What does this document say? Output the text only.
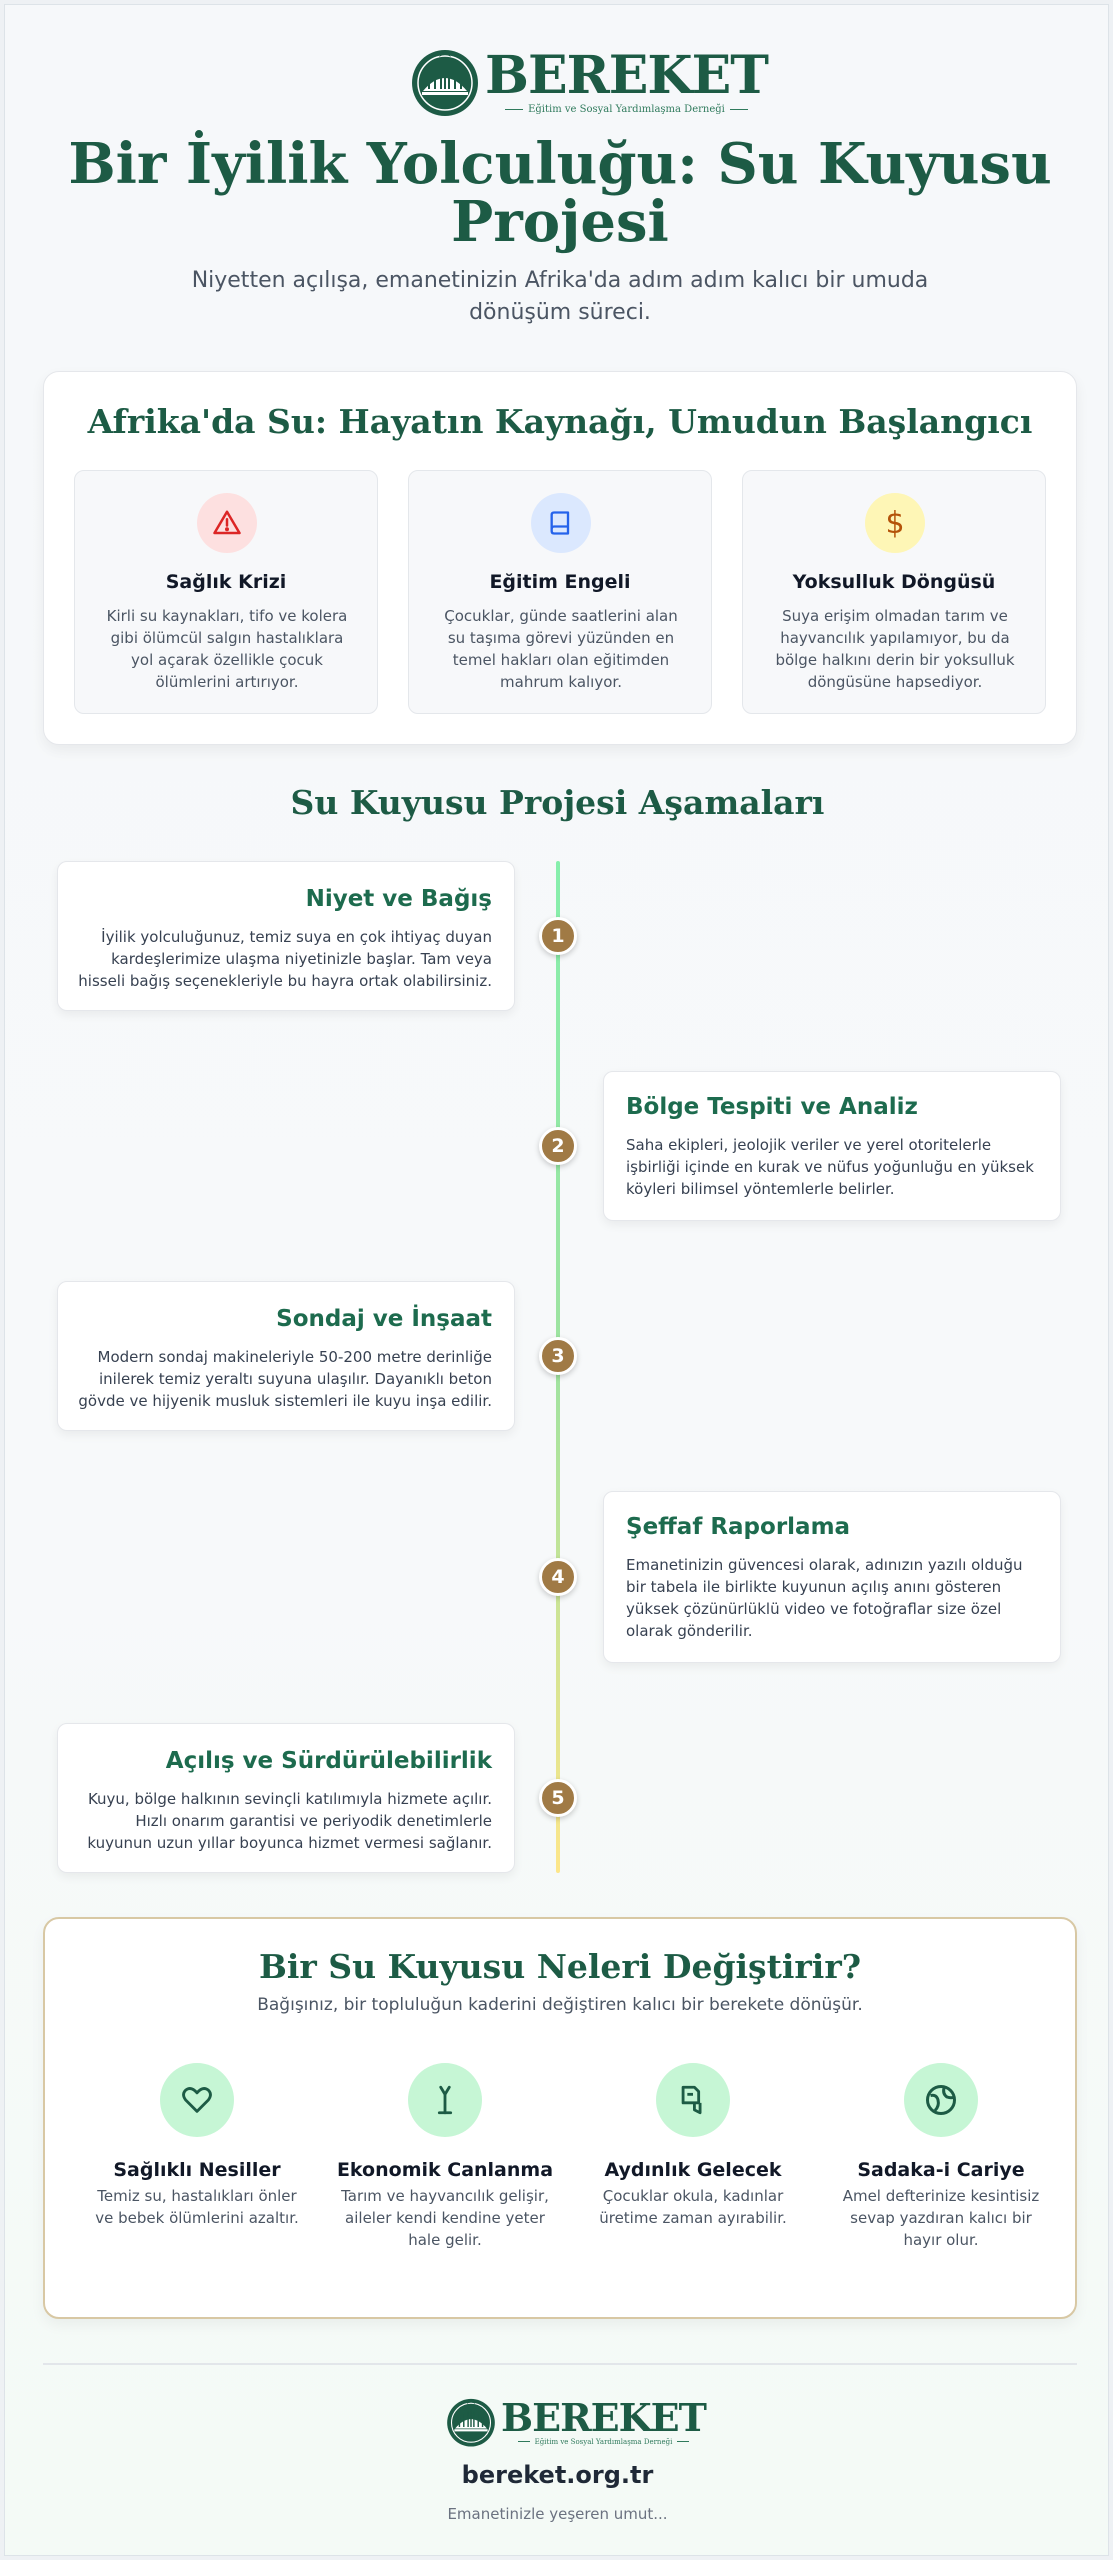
BEREKET
Eğitim ve Sosyal Yardımlaşma Derneği
Bir İyilik Yolculuğu: Su Kuyusu Projesi

Niyetten açılışa, emanetinizin Afrika'da adım adım kalıcı bir umuda dönüşüm süreci.

Afrika'da Su: Hayatın Kaynağı, Umudun Başlangıcı
Sağlık Krizi

Kirli su kaynakları, tifo ve kolera gibi ölümcül salgın hastalıklara yol açarak özellikle çocuk ölümlerini artırıyor.

Eğitim Engeli

Çocuklar, günde saatlerini alan su taşıma görevi yüzünden en temel hakları olan eğitimden mahrum kalıyor.

$
Yoksulluk Döngüsü

Suya erişim olmadan tarım ve hayvancılık yapılamıyor, bu da bölge halkını derin bir yoksulluk döngüsüne hapsediyor.

Su Kuyusu Projesi Aşamaları
Niyet ve Bağış

İyilik yolculuğunuz, temiz suya en çok ihtiyaç duyan kardeşlerimize ulaşma niyetinizle başlar. Tam veya hisseli bağış seçenekleriyle bu hayra ortak olabilirsiniz.

1
Bölge Tespiti ve Analiz

Saha ekipleri, jeolojik veriler ve yerel otoritelerle işbirliği içinde en kurak ve nüfus yoğunluğu en yüksek köyleri bilimsel yöntemlerle belirler.

2
Sondaj ve İnşaat

Modern sondaj makineleriyle 50-200 metre derinliğe inilerek temiz yeraltı suyuna ulaşılır. Dayanıklı beton gövde ve hijyenik musluk sistemleri ile kuyu inşa edilir.

3
Şeffaf Raporlama

Emanetinizin güvencesi olarak, adınızın yazılı olduğu bir tabela ile birlikte kuyunun açılış anını gösteren yüksek çözünürlüklü video ve fotoğraflar size özel olarak gönderilir.

4
Açılış ve Sürdürülebilirlik

Kuyu, bölge halkının sevinçli katılımıyla hizmete açılır. Hızlı onarım garantisi ve periyodik denetimlerle kuyunun uzun yıllar boyunca hizmet vermesi sağlanır.

5
Bir Su Kuyusu Neleri Değiştirir?

Bağışınız, bir topluluğun kaderini değiştiren kalıcı bir berekete dönüşür.

Sağlıklı Nesiller

Temiz su, hastalıkları önler ve bebek ölümlerini azaltır.

Ekonomik Canlanma

Tarım ve hayvancılık gelişir, aileler kendi kendine yeter hale gelir.

Aydınlık Gelecek

Çocuklar okula, kadınlar üretime zaman ayırabilir.

Sadaka-i Cariye

Amel defterinize kesintisiz sevap yazdıran kalıcı bir hayır olur.

BEREKET
Eğitim ve Sosyal Yardımlaşma Derneği
bereket.org.tr
Emanetinizle yeşeren umut...
